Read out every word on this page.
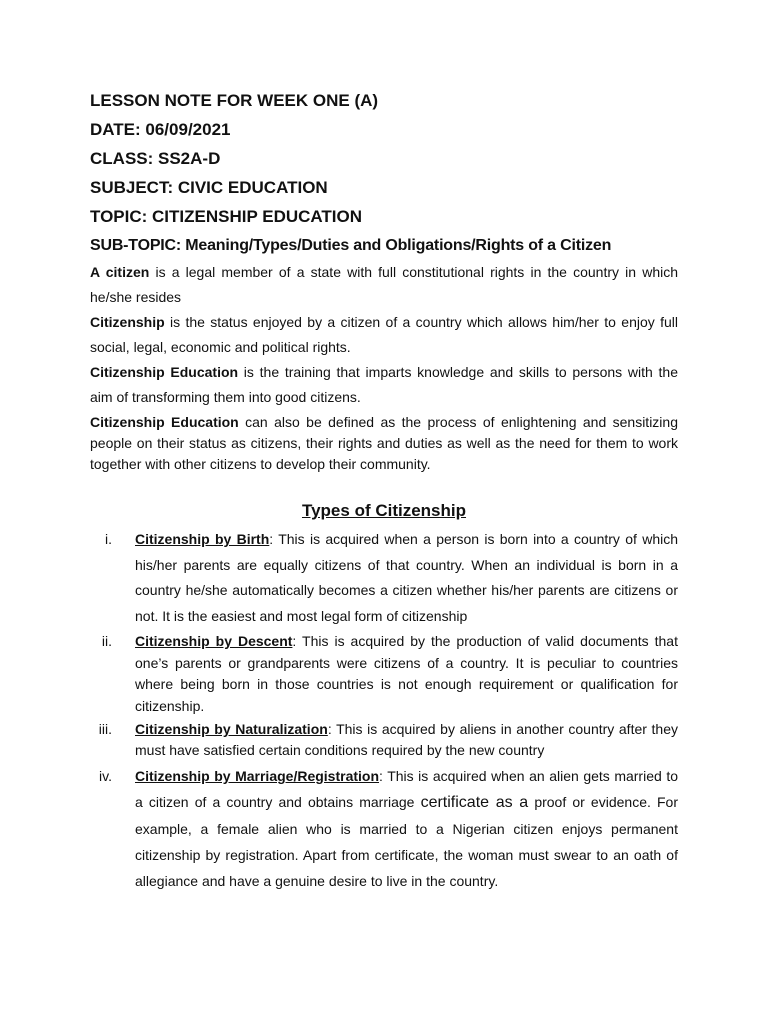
LESSON NOTE FOR WEEK ONE (A)
DATE: 06/09/2021
CLASS: SS2A-D
SUBJECT: CIVIC EDUCATION
TOPIC: CITIZENSHIP EDUCATION
SUB-TOPIC: Meaning/Types/Duties and Obligations/Rights of a Citizen

A citizen is a legal member of a state with full constitutional rights in the country in which he/she resides

Citizenship is the status enjoyed by a citizen of a country which allows him/her to enjoy full social, legal, economic and political rights.

Citizenship Education is the training that imparts knowledge and skills to persons with the aim of transforming them into good citizens.

Citizenship Education can also be defined as the process of enlightening and sensitizing people on their status as citizens, their rights and duties as well as the need for them to work together with other citizens to develop their community.

Types of Citizenship
i. Citizenship by Birth: This is acquired when a person is born into a country of which his/her parents are equally citizens of that country. When an individual is born in a country he/she automatically becomes a citizen whether his/her parents are citizens or not. It is the easiest and most legal form of citizenship
ii. Citizenship by Descent: This is acquired by the production of valid documents that one’s parents or grandparents were citizens of a country. It is peculiar to countries where being born in those countries is not enough requirement or qualification for citizenship.
iii. Citizenship by Naturalization: This is acquired by aliens in another country after they must have satisfied certain conditions required by the new country
iv. Citizenship by Marriage/Registration: This is acquired when an alien gets married to a citizen of a country and obtains marriage certificate as a proof or evidence. For example, a female alien who is married to a Nigerian citizen enjoys permanent citizenship by registration. Apart from certificate, the woman must swear to an oath of allegiance and have a genuine desire to live in the country.
